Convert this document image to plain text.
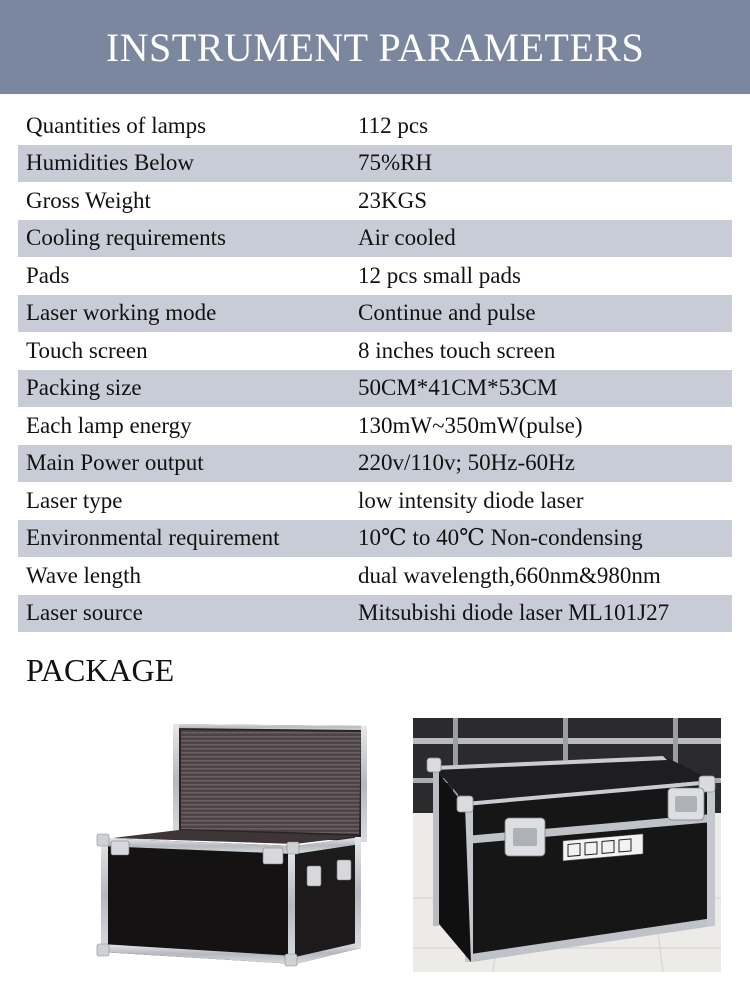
INSTRUMENT PARAMETERS
Quantities of lamps	112 pcs
Humidities Below	75%RH
Gross Weight	23KGS
Cooling requirements	Air cooled
Pads	12 pcs small pads
Laser working mode	Continue and pulse
Touch screen	8 inches touch screen
Packing size	50CM*41CM*53CM
Each lamp energy	130mW~350mW(pulse)
Main Power output	220v/110v; 50Hz-60Hz
Laser type	low intensity diode laser
Environmental requirement	10℃ to 40℃ Non-condensing
Wave length	dual wavelength,660nm&980nm
Laser source	Mitsubishi diode laser ML101J27
PACKAGE
